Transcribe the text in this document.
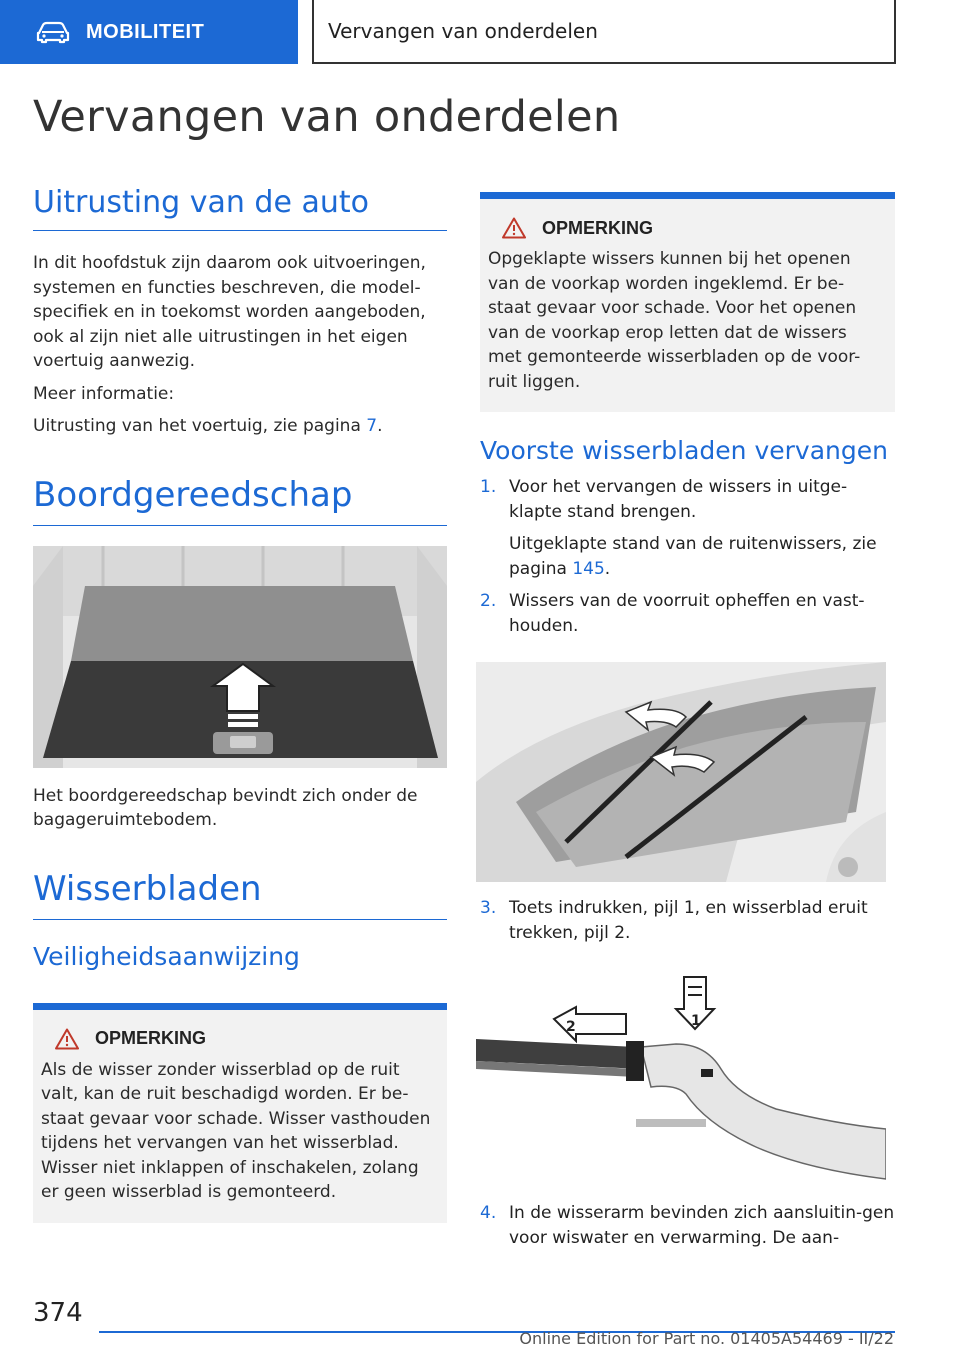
MOBILITEIT	Vervangen van onderdelen
Vervangen van onderdelen
Uitrusting van de auto

In dit hoofdstuk zijn daarom ook uitvoeringen, systemen en functies beschreven, die model-specifiek en in toekomst worden aangeboden, ook al zijn niet alle uitrustingen in het eigen voertuig aanwezig.

Meer informatie:

Uitrusting van het voertuig, zie pagina 7.

Boordgereedschap

Het boordgereedschap bevindt zich onder de bagageruimtebodem.

Wisserbladen
Veiligheidsaanwijzing
OPMERKING

Als de wisser zonder wisserblad op de ruit valt, kan de ruit beschadigd worden. Er be-staat gevaar voor schade. Wisser vasthouden tijdens het vervangen van het wisserblad. Wisser niet inklappen of inschakelen, zolang er geen wisserblad is gemonteerd.

OPMERKING

Opgeklapte wissers kunnen bij het openen van de voorkap worden ingeklemd. Er be-staat gevaar voor schade. Voor het openen van de voorkap erop letten dat de wissers met gemonteerde wisserbladen op de voor-ruit liggen.

Voorste wisserbladen vervangen
1. Voor het vervangen de wissers in uitge-klapte stand brengen.
Uitgeklapte stand van de ruitenwissers, zie pagina 145.
2. Wissers van de voorruit opheffen en vast-houden.
3. Toets indrukken, pijl 1, en wisserblad eruit trekken, pijl 2.
1
2
4. In de wisserarm bevinden zich aansluitin-gen voor wiswater en verwarming. De aan-
374
Online Edition for Part no. 01405A54469 - II/22
